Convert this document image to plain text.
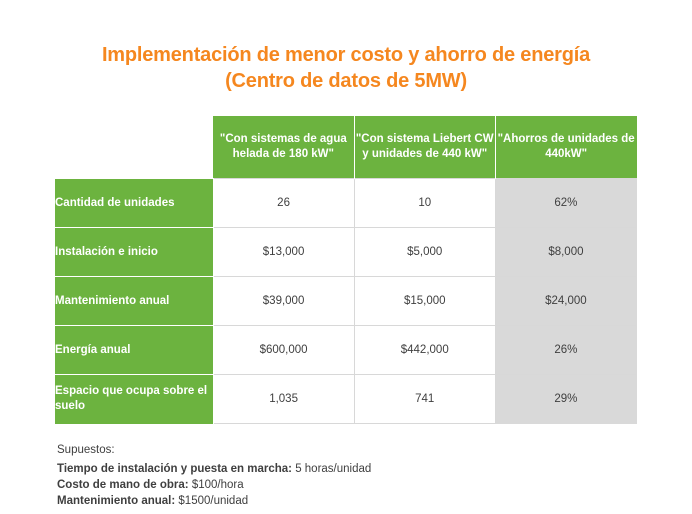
Implementación de menor costo y ahorro de energía
(Centro de datos de 5MW)
	"Con sistemas de agua helada de 180 kW"	"Con sistema Liebert CW y unidades de 440 kW"	"Ahorros de unidades de 440kW"
Cantidad de unidades	26	10	62%
Instalación e inicio	$13,000	$5,000	$8,000
Mantenimiento anual	$39,000	$15,000	$24,000
Energía anual	$600,000	$442,000	26%
Espacio que ocupa sobre el suelo	1,035	741	29%
Supuestos:
Tiempo de instalación y puesta en marcha: 5 horas/unidad
Costo de mano de obra: $100/hora
Mantenimiento anual: $1500/unidad
